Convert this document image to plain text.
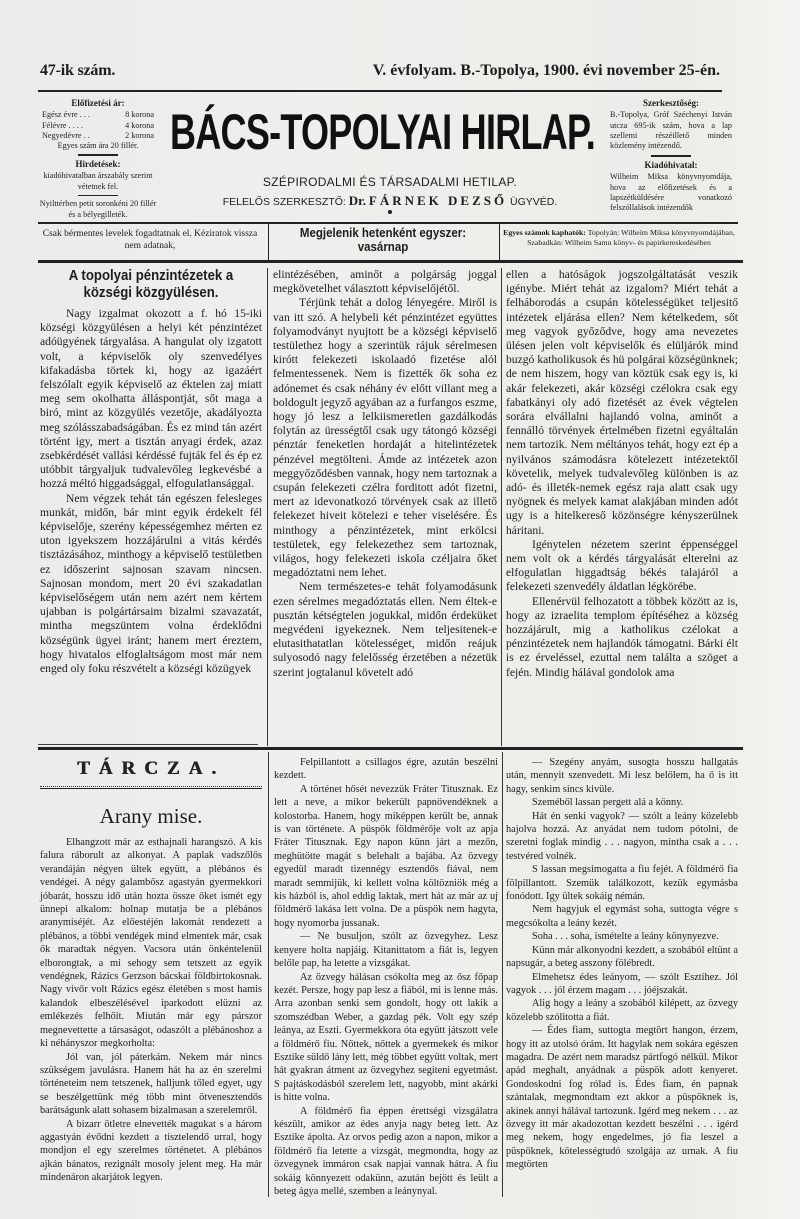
47-ik szám.	V. évfolyam. B.-Topolya, 1900. évi november 25-én.
Előfizetési ár:
Egész évre . . .	8 korona
Félévre . . . .	4 korona
Negyedévre . .	2 korona
Egyes szám ára 20 fillér.
Hirdetések:
kiadóhivatalban árszabály szerint vétetnek fel.
Nyilttérben petit soronkéni 20 fillér és a bélyegilleték.
BÁCS-TOPOLYAI HIRLAP.
SZÉPIRODALMI ÉS TÁRSADALMI HETILAP.
FELELŐS SZERKESZTŐ: Dr. FÁRNEK DEZSŐ ÜGYVÉD.
Szerkesztőség:

B.-Topolya, Gróf Széchenyi István utcza 695-ik szám, hova a lap szellemi részéillető minden közlemény intézendő.

Kiadóhivatal:

Wilheim Miksa könyvnyomdája, hova az előfizetések és a lapszétküldésére vonatkozó felszóllalások intézendők

Csak bérmentes levelek fogadtatnak el. Kéziratok vissza nem adatnak,
Megjelenik hetenként egyszer:
vasárnap
Egyes számok kaphatók: Topolyán: Wilheim Miksa könyvnyomdájában, Szabadkán: Wilheim Samu könyv- és papirkereskedésében
A topolyai pénzintézetek a községi közgyülésen.

Nagy izgalmat okozott a f. hó 15-iki községi közgyülésen a helyi két pénzintézet adóügyének tárgyalása. A hangulat oly izgatott volt, a képviselők oly szenvedélyes kifakadásba törtek ki, hogy az igazáért felszólalt egyik képviselő az éktelen zaj miatt meg sem okolhatta álláspontját, sőt maga a biró, mint az közgyülés vezetője, akadályozta meg szólásszabadságában. És ez mind tán azért történt igy, mert a tisztán anyagi érdek, azaz zsebkérdését vallási kérdéssé fujták fel és ép ez utóbbit tárgyaljuk tudvalevőleg legkevésbé a hozzá méltó higgadsággal, elfogulatlansággal.

Nem végzek tehát tán egészen felesleges munkát, midőn, bár mint egyik érdekelt fél képviselője, szerény képességemhez mérten ez uton igyekszem hozzájárulni a vitás kérdés tisztázásához, minthogy a képviselő testületben ez időszerint sajnosan szavam nincsen. Sajnosan mondom, mert 20 évi szakadatlan képviselőségem után nem azért nem kértem ujabban is polgártársaim bizalmi szavazatát, mintha megszüntem volna érdeklődni községünk ügyei iránt; hanem mert éreztem, hogy hivatalos elfoglaltságom most már nem enged oly foku részvételt a községi közügyek

elintézésében, aminőt a polgárság joggal megkövetelhet választott képviselőjétől.

Térjünk tehát a dolog lényegére. Miről is van itt szó. A helybeli két pénzintézet együttes folyamodványt nyujtott be a községi képviselő testülethez hogy a szerintük rájuk sérelmesen kirótt felekezeti iskolaadó fizetése alól felmentessenek. Nem is fizették ők soha ez adónemet és csak néhány év előtt villant meg a boldogult jegyző agyában az a furfangos eszme, hogy jó lesz a lelkiismeretlen gazdálkodás folytán az ürességtől csak ugy tátongó községi pénztár feneketlen hordaját a hitelintézetek pénzével megtölteni. Ámde az intézetek azon meggyőződésben vannak, hogy nem tartoznak a csupán felekezeti czélra forditott adót fizetni, mert az idevonatkozó törvények csak az illető felekezet hiveit kötelezi e teher viselésére. És minthogy a pénzintézetek, mint erkölcsi testületek, egy felekezethez sem tartoznak, világos, hogy felekezeti iskola czéljaira őket megadóztatni nem lehet.

Nem természetes-e tehát folyamodásunk ezen sérelmes megadóztatás ellen. Nem éltek-e pusztán kétségtelen jogukkal, midőn érdeküket megvédeni igyekeznek. Nem teljesitenek-e elutasithatatlan kötelességet, midőn reájuk sulyosodó nagy felelősség érzetében a nézetük szerint jogtalanul követelt adó

ellen a hatóságok jogszolgáltatását veszik igénybe. Miért tehát az izgalom? Miért tehát a felháborodás a csupán kötelességüket teljesitő intézetek eljárása ellen? Nem kételkedem, sőt meg vagyok győződve, hogy ama nevezetes ülésen jelen volt képviselők és elüljárók mind buzgó katholikusok és hü polgárai községünknek; de nem hiszem, hogy van köztük csak egy is, ki akár felekezeti, akár községi czélokra csak egy fabatkányi oly adó fizetését az évek végtelen sorára elvállalni hajlandó volna, aminőt a fennálló törvények értelmében fizetni egyáltalán nem tartozik. Nem méltányos tehát, hogy ezt ép a nyilvános számodásra kötelezett intézetektől követelik, melyek tudvalevőleg különben is az adó- és illeték-nemek egész raja alatt csak ugy nyögnek és melyek kamat alakjában minden adót ugy is a hitelkereső közönségre kényszerülnek háritani.

Igénytelen nézetem szerint éppenséggel nem volt ok a kérdés tárgyalását elterelni az elfogulatlan higgadtság békés talajáról a felekezeti szenvedély áldatlan légkörébe.

Ellenérvül felhozatott a többek között az is, hogy az izraelita templom építéséhez a község hozzájárult, mig a katholikus czélokat a pénzintézetek nem hajlandók támogatni. Bárki élt is ez érveléssel, ezuttal nem találta a szöget a fején. Mindig hálával gondolok ama

TÁRCZA.
Arany mise.

Elhangzott már az esthajnali harangszó. A kis falura ráborult az alkonyat. A paplak vadszőlős verandáján négyen ültek együtt, a plébános és vendégei. A négy galambősz agastyán gyermekkori jóbarát, hosszu idő után hozta össze őket ismét egy ünnepi alkalom: holnap mutatja be a plébános aranymiséjét. Az előestéjén lakomát rendezett a plébános, a többi vendégek mind elmentek már, csak ők maradtak négyen. Vacsora után önkéntelenül elborongtak, a mi sehogy sem tetszett az egyik vendégnek, Rázics Gerzson bácskai földbirtokosnak. Nagy vivőr volt Rázics egész életében s most hamis kalandok elbeszélésével iparkodott elüzni az emlékezés felhőit. Miután már egy párszor megnevettette a társaságot, odaszólt a plébánoshoz a ki néhányszor megkorholta:

Jól van, jól páterkám. Nekem már nincs szükségem javulásra. Hanem hát ha az én szerelmi történeteim nem tetszenek, halljunk tőled egyet, ugy se beszélgettünk még több mint ötvenesztendős barátságunk alatt sohasem bizalmasan a szerelemről.

A bizarr ötletre elnevették magukat s a három aggastyán évődni kezdett a tisztelendő urral, hogy mondjon el egy szerelmes történetet. A plébános ajkán bánatos, rezignált mosoly jelent meg. Ha már mindenáron akarjátok legyen.

Felpillantott a csillagos égre, azután beszélni kezdett.

A történet hősét nevezzük Fráter Titusznak. Ez lett a neve, a mikor bekerült papnövendéknek a kolostorba. Hanem, hogy miképpen került be, annak is van története. A püspök földmérője volt az apja Fráter Titusznak. Egy napon künn járt a mezőn, meghütötte magát s belehalt a bajába. Az özvegy egyedül maradt tizennégy esztendős fiával, nem maradt semmijük, ki kellett volna költözniök még a kis házból is, ahol eddig laktak, mert hát az már az uj földmérő lakása lett volna. De a püspök nem hagyta, hogy nyomorba jussanak.

— Ne busuljon, szólt az özvegyhez. Lesz kenyere holta napjáig. Kitanittatom a fiát is, legyen belőle pap, ha letette a vizsgákat.

Az özvegy hálásan csókolta meg az ősz főpap kezét. Persze, hogy pap lesz a fiából, mi is lenne más. Arra azonban senki sem gondolt, hogy ott lakik a szomszédban Weber, a gazdag pék. Volt egy szép leánya, az Eszti. Gyermekkora óta együtt játszott vele a földmérő fiu. Nőttek, nőttek a gyermekek és mikor Esztike süldő lány lett, még többet együtt voltak, mert hát gyakran átment az özvegyhez segiteni egyetmást. S pajtáskodásból szerelem lett, nagyobb, mint akárki is hitte volna.

A földmérő fia éppen érettségi vizsgálatra készült, amikor az édes anyja nagy beteg lett. Az Esztike ápolta. Az orvos pedig azon a napon, mikor a földmérő fia letette a vizsgát, megmondta, hogy az özvegynek immáron csak napjai vannak hátra. A fiu sokáig könnyezett odakünn, azután bejött és leült a beteg ágya mellé, szemben a leánynyal.

— Szegény anyám, susogta hosszu hallgatás után, mennyit szenvedett. Mi lesz belőlem, ha ő is itt hagy, senkim sincs kivüle.

Szeméből lassan pergett alá a könny.

Hát én senki vagyok? — szólt a leány közelebb hajolva hozzá. Az anyádat nem tudom pótolni, de szeretni foglak mindig . . . nagyon, mintha csak a . . . testvéred volnék.

S lassan megsimogatta a fiu fejét. A földmérő fia fölpillantott. Szemük találkozott, kezük egymásba fonódott. Igy ültek sokáig némán.

Nem hagyjuk el egymást soha, suttogta végre s megcsókolta a leány kezét.

Soha . . . soha, ismételte a leány könynyezve.

Künn már alkonyodni kezdett, a szobából eltünt a napsugár, a beteg asszony fölébredt.

Elmehetsz édes leányom, — szólt Esztihez. Jól vagyok . . . jól érzem magam . . . jóéjszakát.

Alig hogy a leány a szobából kilépett, az özvegy közelebb szólitotta a fiát.

— Édes fiam, suttogta megtört hangon, érzem, hogy itt az utolsó órám. Itt hagylak nem sokára egészen magadra. De azért nem maradsz pártfogó nélkül. Mikor apád meghalt, anyádnak a püspök adott kenyeret. Gondoskodni fog rólad is. Édes fiam, én papnak szántalak, megmondtam ezt akkor a püspöknek is, akinek annyi hálával tartozunk. Igérd meg nekem . . . az özvegy itt már akadozottan kezdett beszélni . . . igérd meg nekem, hogy engedelmes, jó fia leszel a püspöknek, kötelességtudó szolgája az urnak. A fiu megtörten
